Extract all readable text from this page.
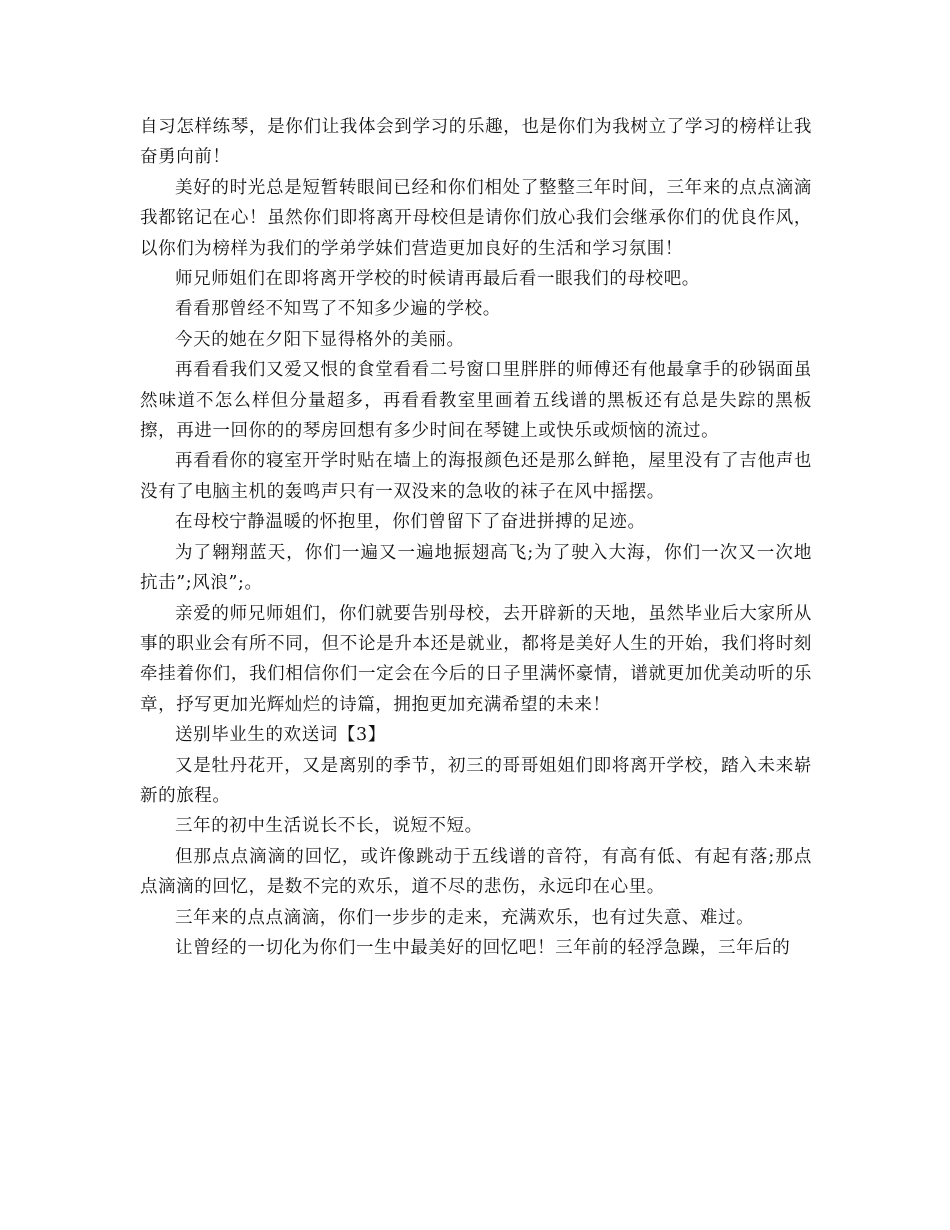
自习怎样练琴，是你们让我体会到学习的乐趣，也是你们为我树立了学习的榜样让我奋勇向前！

美好的时光总是短暂转眼间已经和你们相处了整整三年时间，三年来的点点滴滴我都铭记在心！虽然你们即将离开母校但是请你们放心我们会继承你们的优良作风，以你们为榜样为我们的学弟学妹们营造更加良好的生活和学习氛围！

师兄师姐们在即将离开学校的时候请再最后看一眼我们的母校吧。

看看那曾经不知骂了不知多少遍的学校。

今天的她在夕阳下显得格外的美丽。

再看看我们又爱又恨的食堂看看二号窗口里胖胖的师傅还有他最拿手的砂锅面虽然味道不怎么样但分量超多，再看看教室里画着五线谱的黑板还有总是失踪的黑板擦，再进一回你的的琴房回想有多少时间在琴键上或快乐或烦恼的流过。

再看看你的寝室开学时贴在墙上的海报颜色还是那么鲜艳，屋里没有了吉他声也没有了电脑主机的轰鸣声只有一双没来的急收的袜子在风中摇摆。

在母校宁静温暖的怀抱里，你们曾留下了奋进拼搏的足迹。

为了翱翔蓝天，你们一遍又一遍地振翅高飞;为了驶入大海，你们一次又一次地抗击”;风浪”;。

亲爱的师兄师姐们，你们就要告别母校，去开辟新的天地，虽然毕业后大家所从事的职业会有所不同，但不论是升本还是就业，都将是美好人生的开始，我们将时刻牵挂着你们，我们相信你们一定会在今后的日子里满怀豪情，谱就更加优美动听的乐章，抒写更加光辉灿烂的诗篇，拥抱更加充满希望的未来！

送别毕业生的欢送词【3】

又是牡丹花开，又是离别的季节，初三的哥哥姐姐们即将离开学校，踏入未来崭新的旅程。

三年的初中生活说长不长，说短不短。

但那点点滴滴的回忆，或许像跳动于五线谱的音符，有高有低、有起有落;那点点滴滴的回忆，是数不完的欢乐，道不尽的悲伤，永远印在心里。

三年来的点点滴滴，你们一步步的走来，充满欢乐，也有过失意、难过。

让曾经的一切化为你们一生中最美好的回忆吧！三年前的轻浮急躁，三年后的
